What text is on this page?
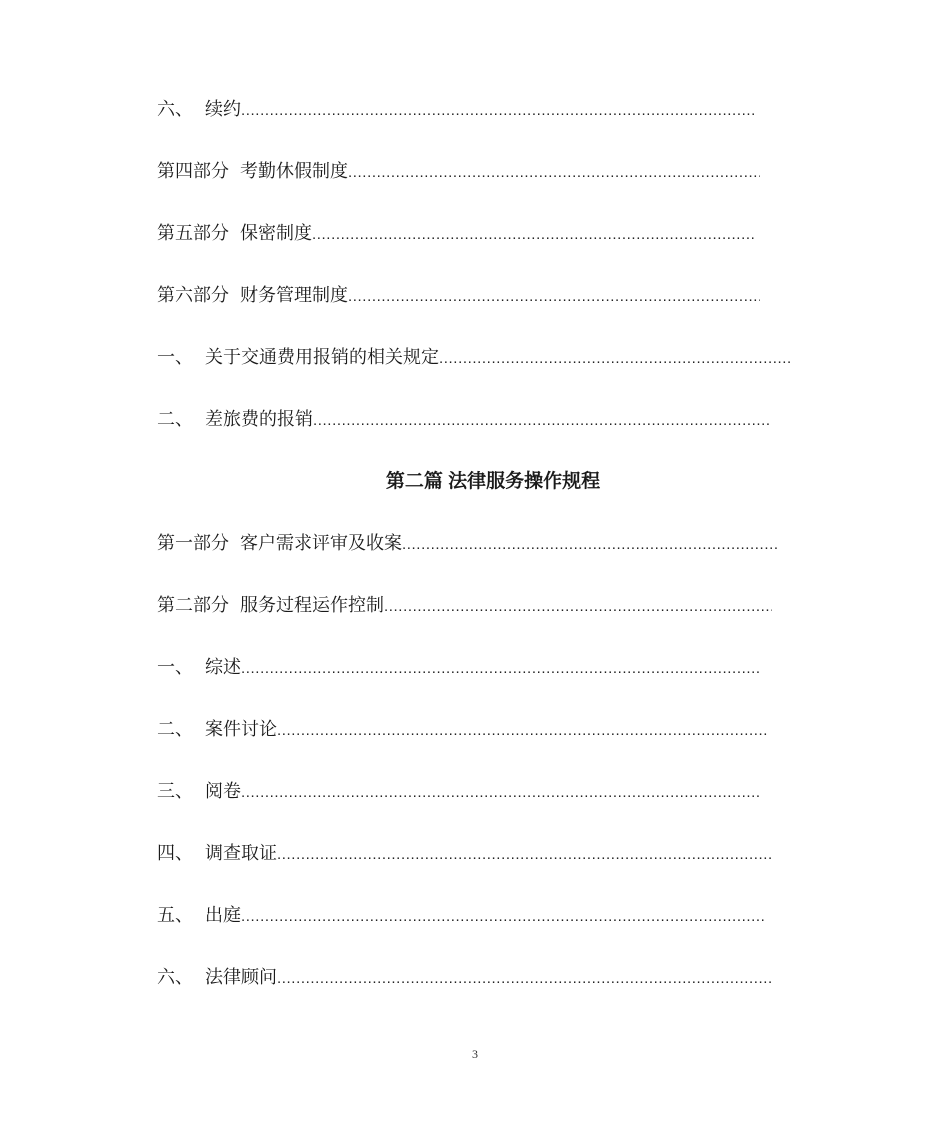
六、 续约
.....
第四部分 考勤休假制度
.....
第五部分 保密制度
.....
第六部分 财务管理制度
.....
一、 关于交通费用报销的相关规定
.....
二、 差旅费的报销
.....
第二篇 法律服务操作规程
第一部分 客户需求评审及收案
.....
第二部分 服务过程运作控制
.....
一、 综述
.....
二、 案件讨论
.....
三、 阅卷
.....
四、 调查取证
.....
五、 出庭
.....
六、 法律顾问
.....
3
